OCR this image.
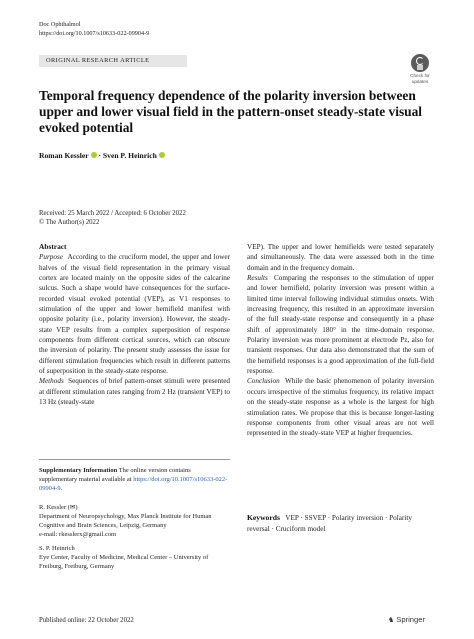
Doc Ophthalmol
https://doi.org/10.1007/s10633-022-09904-9
ORIGINAL RESEARCH ARTICLE
Check for
updates
Temporal frequency dependence of the polarity inversion between upper and lower visual field in the pattern-onset steady-state visual evoked potential
Roman Kessler · Sven P. Heinrich
Received: 25 March 2022 / Accepted: 6 October 2022
© The Author(s) 2022
Abstract

Purpose According to the cruciform model, the upper and lower halves of the visual field representation in the primary visual cortex are located mainly on the opposite sides of the calcarine sulcus. Such a shape would have consequences for the surface-recorded visual evoked potential (VEP), as V1 responses to stimulation of the upper and lower hemifield manifest with opposite polarity (i.e., polarity inversion). However, the steady-state VEP results from a complex superposition of response components from different cortical sources, which can obscure the inversion of polarity. The present study assesses the issue for different stimulation frequencies which result in different patterns of superposition in the steady-state response.

Methods Sequences of brief pattern-onset stimuli were presented at different stimulation rates ranging from 2 Hz (transient VEP) to 13 Hz (steady-state

Supplementary Information The online version contains supplementary material available at https://doi.org/10.1007/s10633-022-09904-9.

R. Kessler (✉)
Department of Neuropsychology, Max Planck Institute for Human Cognitive and Brain Sciences, Leipzig, Germany
e-mail: rkesslerx@gmail.com

S. P. Heinrich
Eye Center, Faculty of Medicine, Medical Center – University of Freiburg, Freiburg, Germany

VEP). The upper and lower hemifields were tested separately and simultaneously. The data were assessed both in the time domain and in the frequency domain.

Results Comparing the responses to the stimulation of upper and lower hemifield, polarity inversion was present within a limited time interval following individual stimulus onsets. With increasing frequency, this resulted in an approximate inversion of the full steady-state response and consequently in a phase shift of approximately 180° in the time-domain response. Polarity inversion was more prominent at electrode Pz, also for transient responses. Our data also demonstrated that the sum of the hemifield responses is a good approximation of the full-field response.

Conclusion While the basic phenomenon of polarity inversion occurs irrespective of the stimulus frequency, its relative impact on the steady-state response as a whole is the largest for high stimulation rates. We propose that this is because longer-lasting response components from other visual areas are not well represented in the steady-state VEP at higher frequencies.

Keywords VEP · SSVEP · Polarity inversion · Polarity reversal · Cruciform model
Published online: 22 October 2022	♞ Springer
